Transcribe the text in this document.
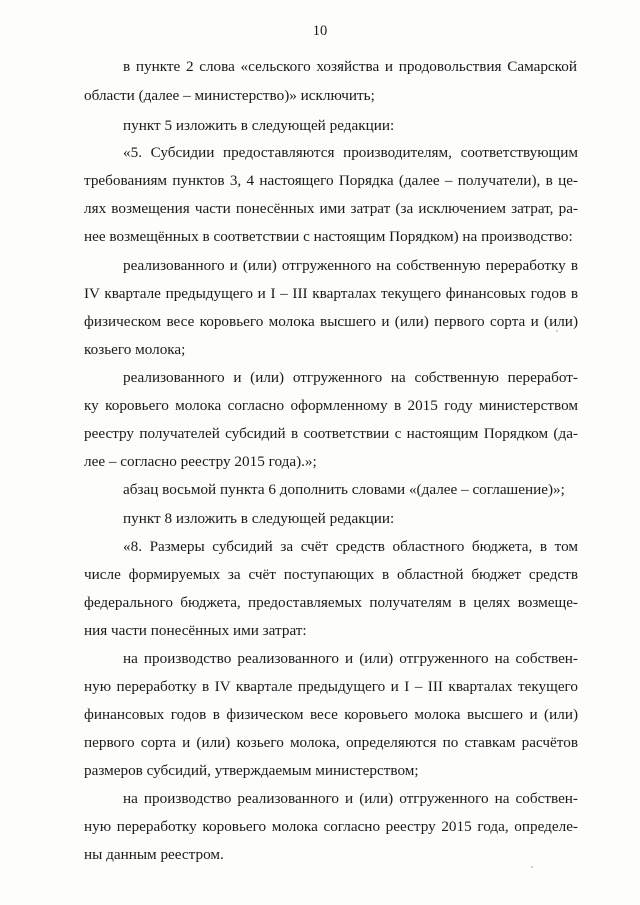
10
в пункте 2 слова «сельского хозяйства и продовольствия Самарской
области (далее – министерство)» исключить;
пункт 5 изложить в следующей редакции:
«5. Субсидии предоставляются производителям, соответствующим
требованиям пунктов 3, 4 настоящего Порядка (далее – получатели), в це-
лях возмещения части понесённых ими затрат (за исключением затрат, ра-
нее возмещённых в соответствии с настоящим Порядком) на производство:
реализованного и (или) отгруженного на собственную переработку в
IV квартале предыдущего и I – III кварталах текущего финансовых годов в
физическом весе коровьего молока высшего и (или) первого сорта и (или)
козьего молока;
реализованного и (или) отгруженного на собственную переработ-
ку коровьего молока согласно оформленному в 2015 году министерством
реестру получателей субсидий в соответствии с настоящим Порядком (да-
лее – согласно реестру 2015 года).»;
абзац восьмой пункта 6 дополнить словами «(далее – соглашение)»;
пункт 8 изложить в следующей редакции:
«8. Размеры субсидий за счёт средств областного бюджета, в том
числе формируемых за счёт поступающих в областной бюджет средств
федерального бюджета, предоставляемых получателям в целях возмеще-
ния части понесённых ими затрат:
на производство реализованного и (или) отгруженного на собствен-
ную переработку в IV квартале предыдущего и I – III кварталах текущего
финансовых годов в физическом весе коровьего молока высшего и (или)
первого сорта и (или) козьего молока, определяются по ставкам расчётов
размеров субсидий, утверждаемым министерством;
на производство реализованного и (или) отгруженного на собствен-
ную переработку коровьего молока согласно реестру 2015 года, определе-
ны данным реестром.
